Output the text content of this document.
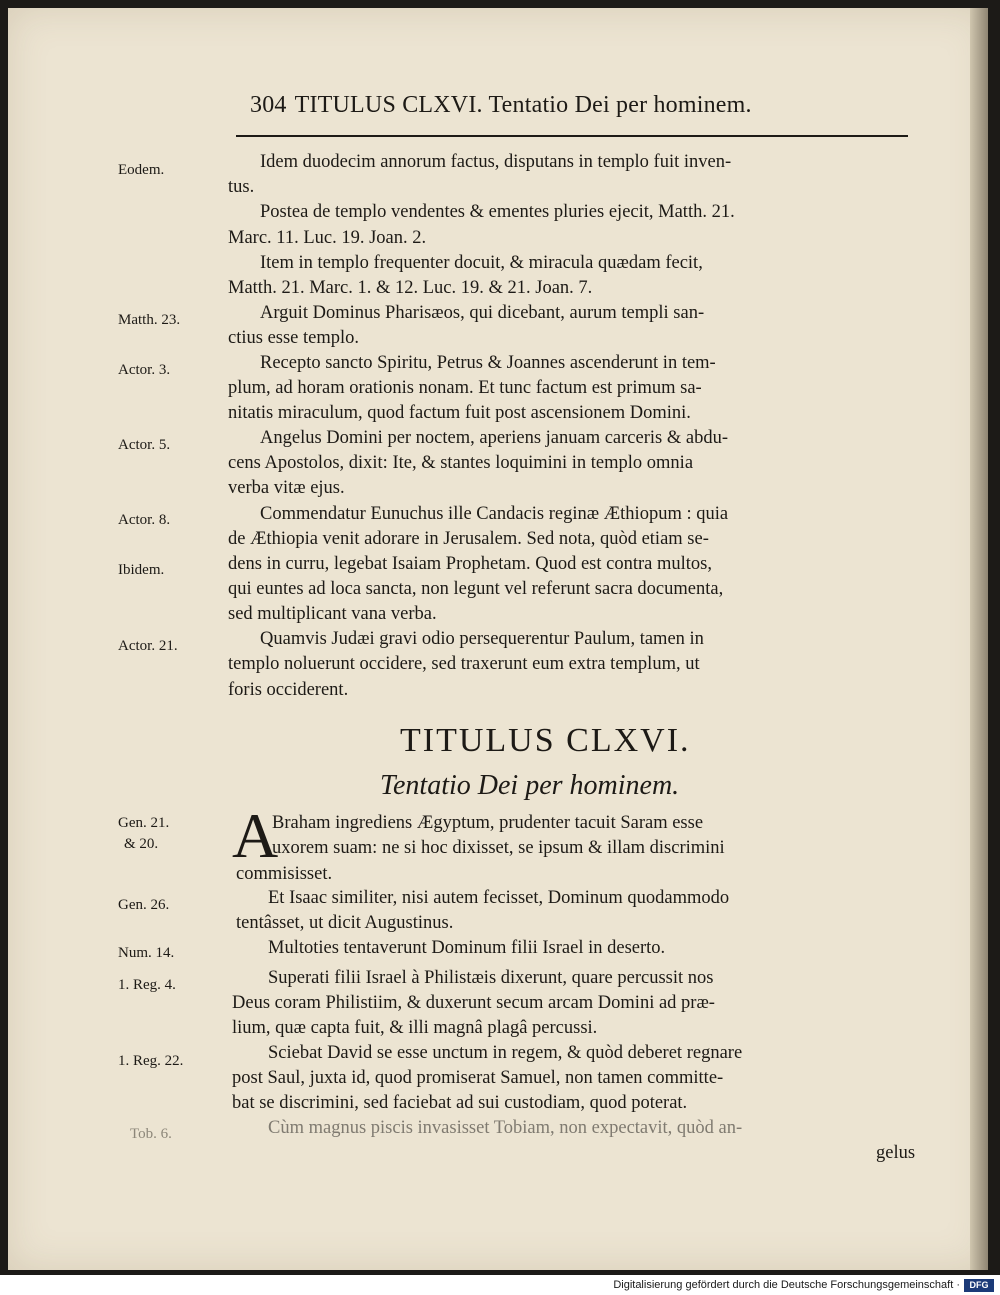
304 TITULUS CLXVI. Tentatio Dei per hominem.
Eodem.
Matth. 23.
Actor. 3.
Actor. 5.
Actor. 8.
Ibidem.
Actor. 21.
Gen. 21.
& 20.
Gen. 26.
Num. 14.
1. Reg. 4.
1. Reg. 22.
Tob. 6.
Idem duodecim annorum factus, disputans in templo fuit inven-
tus.
Postea de templo vendentes & ementes pluries ejecit, Matth. 21.
Marc. 11. Luc. 19. Joan. 2.
Item in templo frequenter docuit, & miracula quædam fecit,
Matth. 21. Marc. 1. & 12. Luc. 19. & 21. Joan. 7.
Arguit Dominus Pharisæos, qui dicebant, aurum templi san-
ctius esse templo.
Recepto sancto Spiritu, Petrus & Joannes ascenderunt in tem-
plum, ad horam orationis nonam. Et tunc factum est primum sa-
nitatis miraculum, quod factum fuit post ascensionem Domini.
Angelus Domini per noctem, aperiens januam carceris & abdu-
cens Apostolos, dixit: Ite, & stantes loquimini in templo omnia
verba vitæ ejus.
Commendatur Eunuchus ille Candacis reginæ Æthiopum : quia
de Æthiopia venit adorare in Jerusalem. Sed nota, quòd etiam se-
dens in curru, legebat Isaiam Prophetam. Quod est contra multos,
qui euntes ad loca sancta, non legunt vel referunt sacra documenta,
sed multiplicant vana verba.
Quamvis Judæi gravi odio persequerentur Paulum, tamen in
templo noluerunt occidere, sed traxerunt eum extra templum, ut
foris occiderent.
TITULUS CLXVI.
Tentatio Dei per hominem.
A
Braham ingrediens Ægyptum, prudenter tacuit Saram esse
uxorem suam: ne si hoc dixisset, se ipsum & illam discrimini
commisisset.
Et Isaac similiter, nisi autem fecisset, Dominum quodammodo
tentâsset, ut dicit Augustinus.
Multoties tentaverunt Dominum filii Israel in deserto.
Superati filii Israel à Philistæis dixerunt, quare percussit nos
Deus coram Philistiim, & duxerunt secum arcam Domini ad præ-
lium, quæ capta fuit, & illi magnâ plagâ percussi.
Sciebat David se esse unctum in regem, & quòd deberet regnare
post Saul, juxta id, quod promiserat Samuel, non tamen committe-
bat se discrimini, sed faciebat ad sui custodiam, quod poterat.
Cùm magnus piscis invasisset Tobiam, non expectavit, quòd an-
gelus
Digitalisierung gefördert durch die Deutsche Forschungsgemeinschaft ·	DFG
